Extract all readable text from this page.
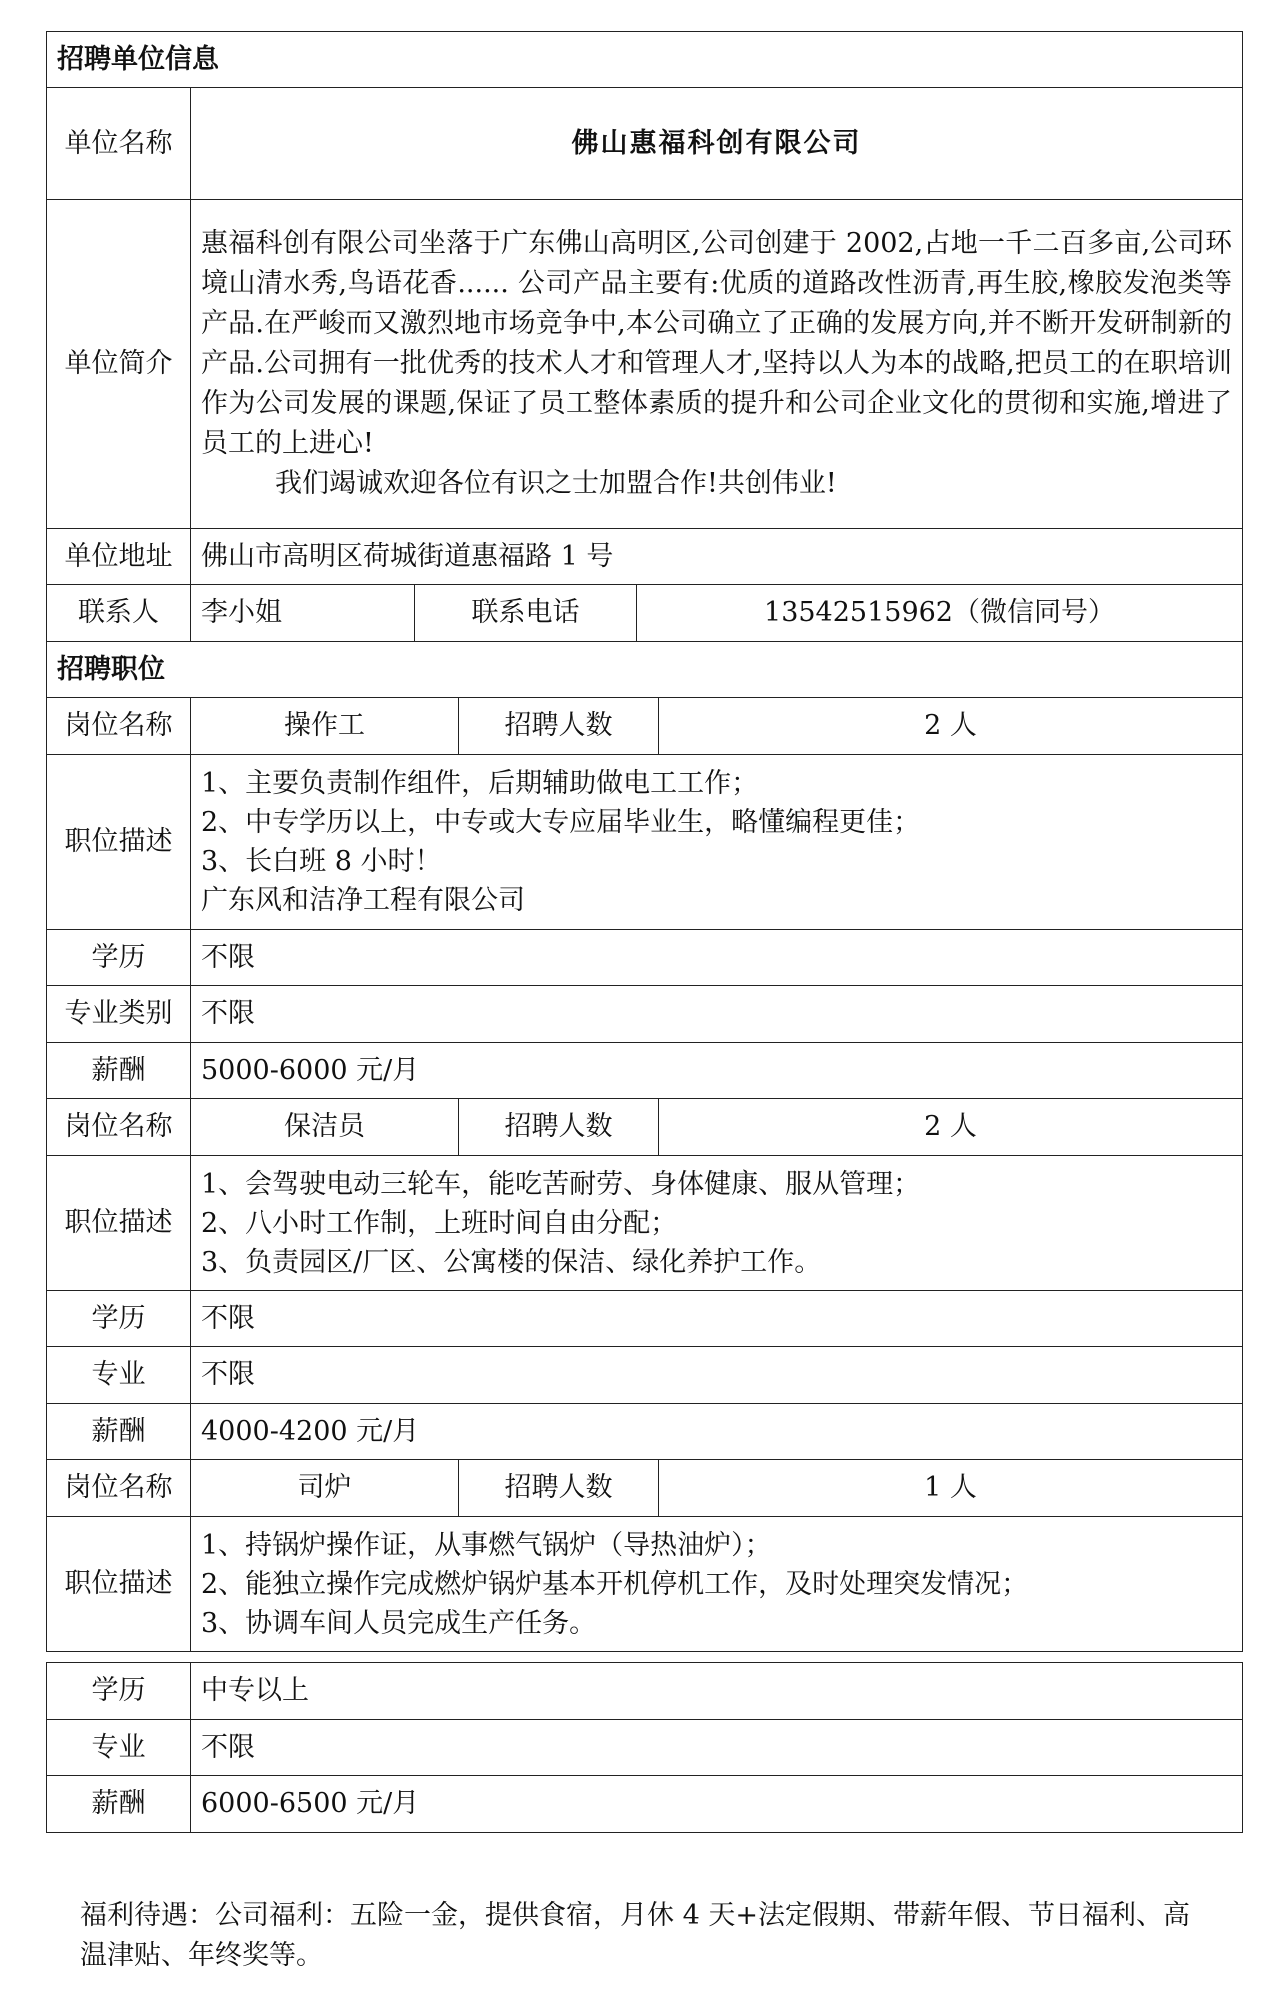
招聘单位信息					
单位名称	佛山惠福科创有限公司				
单位简介	惠福科创有限公司坐落于广东佛山高明区,公司创建于 2002,占地一千二百多亩,公司环境山清水秀,鸟语花香...... 公司产品主要有:优质的道路改性沥青,再生胶,橡胶发泡类等产品.在严峻而又激烈地市场竞争中,本公司确立了正确的发展方向,并不断开发研制新的产品.公司拥有一批优秀的技术人才和管理人才,坚持以人为本的战略,把员工的在职培训作为公司发展的课题,保证了员工整体素质的提升和公司企业文化的贯彻和实施,增进了员工的上进心!

我们竭诚欢迎各位有识之士加盟合作!共创伟业!				

单位地址	佛山市高明区荷城街道惠福路 1 号				
联系人	李小姐	联系电话		13542515962（微信同号）	
招聘职位					
岗位名称	操作工		招聘人数		2 人
职位描述	1、主要负责制作组件，后期辅助做电工工作；
2、中专学历以上，中专或大专应届毕业生，略懂编程更佳；
3、长白班 8 小时！
广东风和洁净工程有限公司				

学历	不限				
专业类别	不限				
薪酬	5000-6000 元/月				
岗位名称	保洁员		招聘人数		2 人
职位描述	1、会驾驶电动三轮车，能吃苦耐劳、身体健康、服从管理；
2、八小时工作制，上班时间自由分配；
3、负责园区/厂区、公寓楼的保洁、绿化养护工作。				

学历	不限				
专业	不限				
薪酬	4000-4200 元/月				
岗位名称	司炉		招聘人数		1 人
职位描述	1、持锅炉操作证，从事燃气锅炉（导热油炉）；
2、能独立操作完成燃炉锅炉基本开机停机工作，及时处理突发情况；
3、协调车间人员完成生产任务。				
学历	中专以上
专业	不限
薪酬	6000-6500 元/月
福利待遇：公司福利：五险一金，提供食宿，月休 4 天+法定假期、带薪年假、节日福利、高温津贴、年终奖等。
